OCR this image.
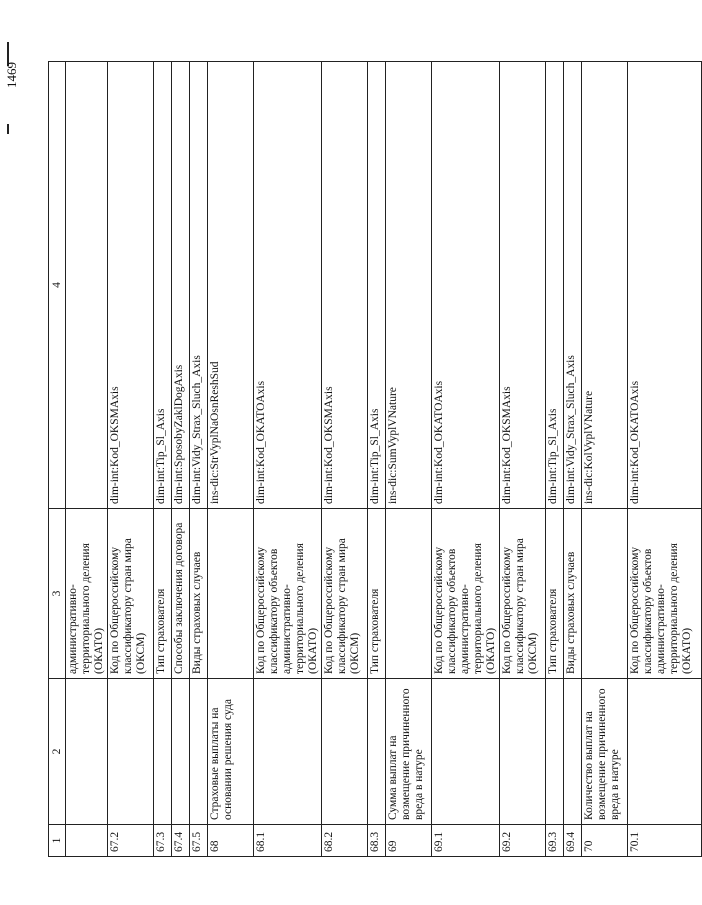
1469
1	2	3	4
		административно-территориального деления (ОКАТО)	
67.2		Код по Общероссийскому классификатору стран мира (ОКСМ)	dim-int:Kod_OKSMAxis
67.3		Тип страхователя	dim-int:Tip_Sl_Axis
67.4		Способы заключения договора	dim-int:SposobyZaklDogAxis
67.5		Виды страховых случаев	dim-int:Vidy_Strax_Sluch_Axis
68	Страховые выплаты на основании решения суда		ins-dic:StrVyplNaOsnReshSud
68.1		Код по Общероссийскому классификатору объектов административно-территориального деления (ОКАТО)	dim-int:Kod_OKATOAxis
68.2		Код по Общероссийскому классификатору стран мира (ОКСМ)	dim-int:Kod_OKSMAxis
68.3		Тип страхователя	dim-int:Tip_Sl_Axis
69	Сумма выплат на возмещение причиненного вреда в натуре		ins-dic:SumVyplVNature
69.1		Код по Общероссийскому классификатору объектов административно-территориального деления (ОКАТО)	dim-int:Kod_OKATOAxis
69.2		Код по Общероссийскому классификатору стран мира (ОКСМ)	dim-int:Kod_OKSMAxis
69.3		Тип страхователя	dim-int:Tip_Sl_Axis
69.4		Виды страховых случаев	dim-int:Vidy_Strax_Sluch_Axis
70	Количество выплат на возмещение причиненного вреда в натуре		ins-dic:KolVyplVNature
70.1		Код по Общероссийскому классификатору объектов административно-территориального деления (ОКАТО)	dim-int:Kod_OKATOAxis
